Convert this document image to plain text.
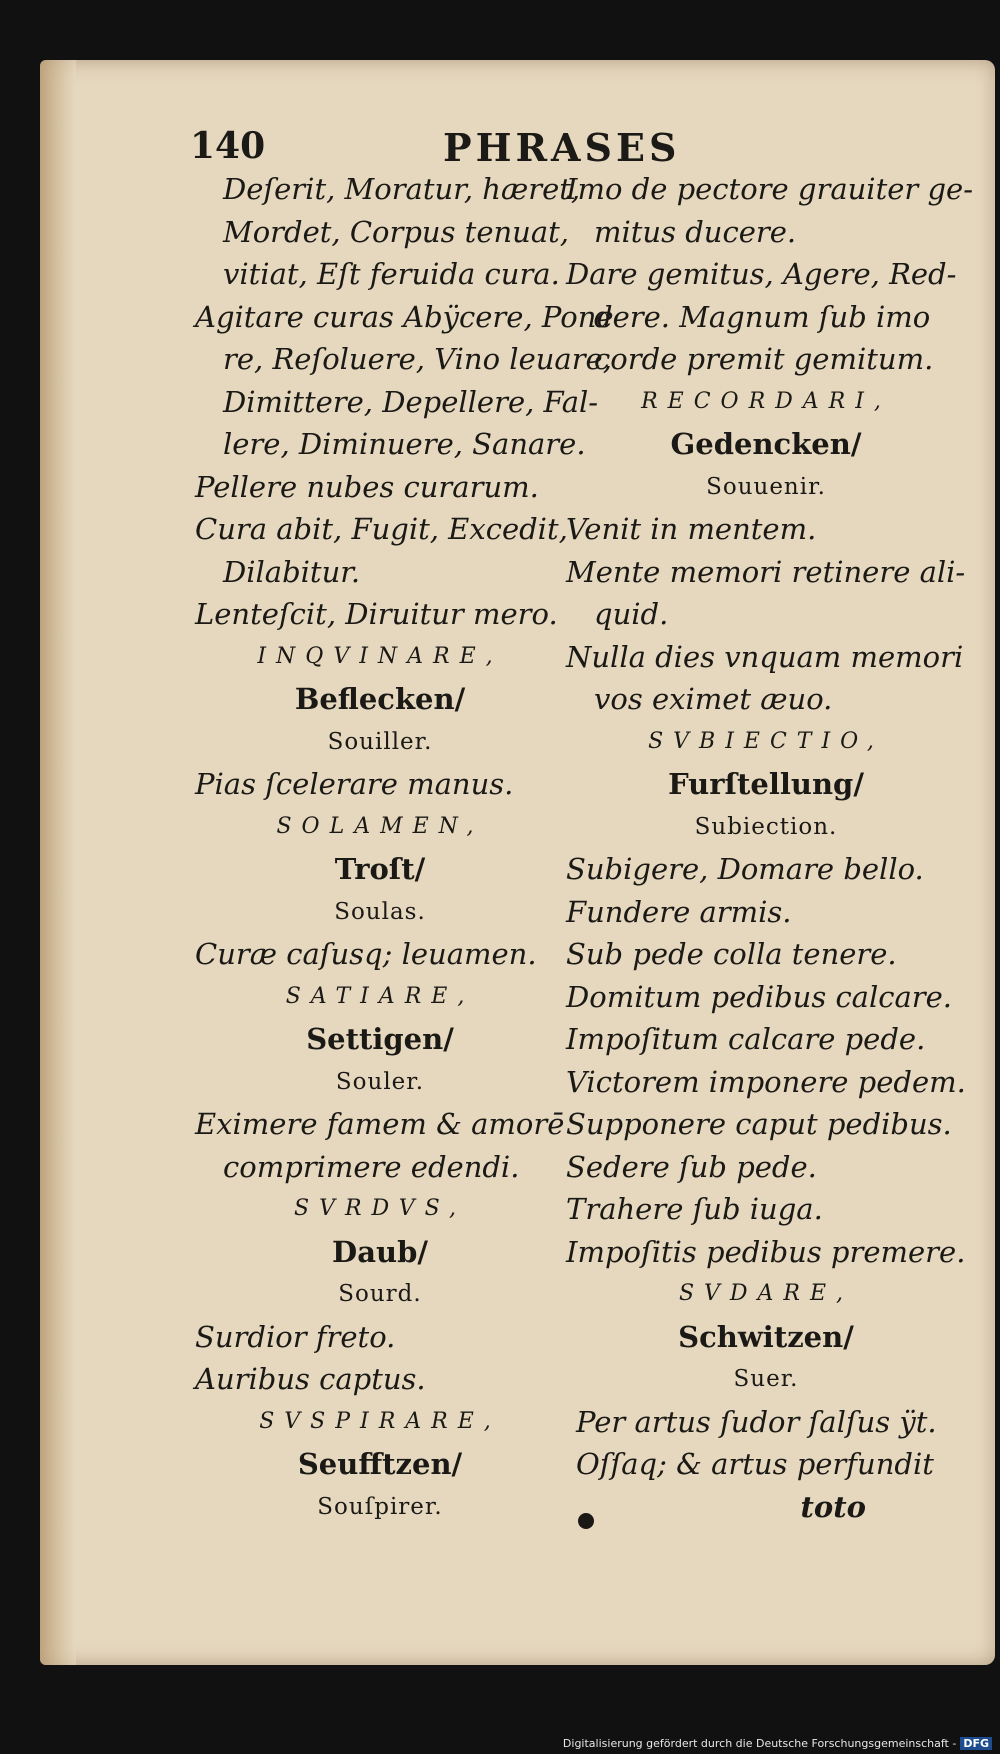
140	PHRASES
Deſerit, Moratur, hæret,
Mordet, Corpus tenuat,
vitiat, Eſt feruida cura.
Agitare curas Abÿcere, Pone
re, Reſoluere, Vino leuare,
Dimittere, Depellere, Fal-
lere, Diminuere, Sanare.
Pellere nubes curarum.
Cura abit, Fugit, Excedit,
Dilabitur.
Lenteſcit, Diruitur mero.
INQVINARE,
Beflecken/
Souiller.
Pias ſcelerare manus.
SOLAMEN,
Troſt/
Soulas.
Curæ caſusq; leuamen.
SATIARE,
Settigen/
Souler.
Eximere famem & amorē
comprimere edendi.
SVRDVS,
Daub/
Sourd.
Surdior freto.
Auribus captus.
SVSPIRARE,
Seufftzen/
Souſpirer.
Imo de pectore grauiter ge-
mitus ducere.
Dare gemitus, Agere, Red-
dere. Magnum ſub imo
corde premit gemitum.
RECORDARI,
Gedencken/
Souuenir.
Venit in mentem.
Mente memori retinere ali-
quid.
Nulla dies vnquam memori
vos eximet æuo.
SVBIECTIO,
Furſtellung/
Subiection.
Subigere, Domare bello.
Fundere armis.
Sub pede colla tenere.
Domitum pedibus calcare.
Impoſitum calcare pede.
Victorem imponere pedem.
Supponere caput pedibus.
Sedere ſub pede.
Trahere ſub iuga.
Impoſitis pedibus premere.
SVDARE,
Schwitzen/
Suer.
Per artus ſudor ſalſus ÿt.
Oſſaq; & artus perfundit
toto
Digitalisierung gefördert durch die Deutsche Forschungsgemeinschaft - DFG
